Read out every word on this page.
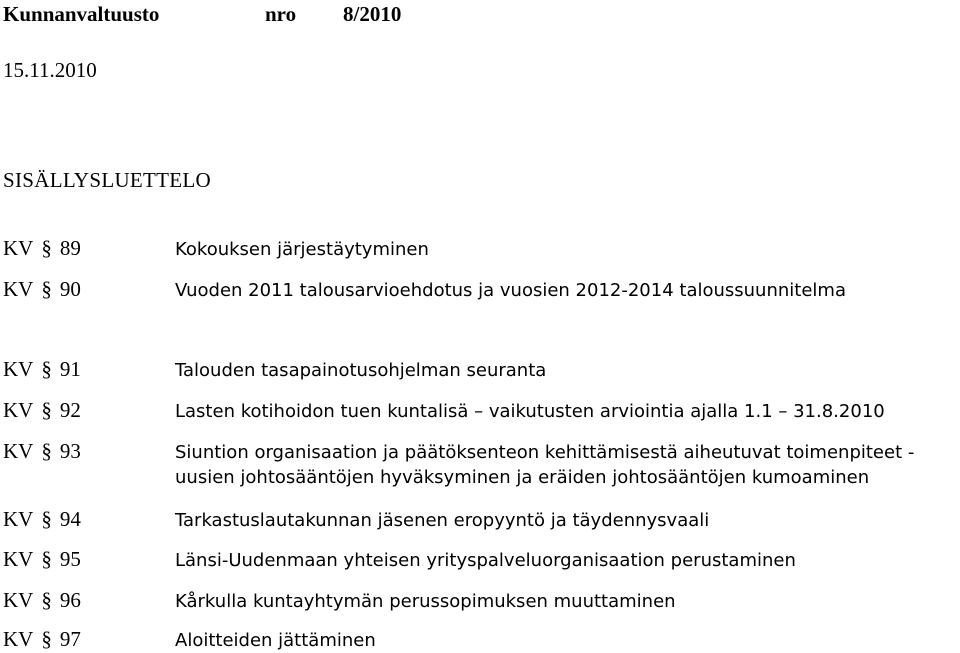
Kunnanvaltuusto	nro 8/2010
15.11.2010
SISÄLLYSLUETTELO
KV § 89	Kokouksen järjestäytyminen
KV § 90	Vuoden 2011 talousarvioehdotus ja vuosien 2012-2014 taloussuunnitelma
KV § 91	Talouden tasapainotusohjelman seuranta
KV § 92	Lasten kotihoidon tuen kuntalisä – vaikutusten arviointia ajalla 1.1 – 31.8.2010
KV § 93	Siuntion organisaation ja päätöksenteon kehittämisestä aiheutuvat toimenpiteet - uusien johtosääntöjen hyväksyminen ja eräiden johtosääntöjen kumoaminen
KV § 94	Tarkastuslautakunnan jäsenen eropyyntö ja täydennysvaali
KV § 95	Länsi-Uudenmaan yhteisen yrityspalveluorganisaation perustaminen
KV § 96	Kårkulla kuntayhtymän perussopimuksen muuttaminen
KV § 97	Aloitteiden jättäminen
